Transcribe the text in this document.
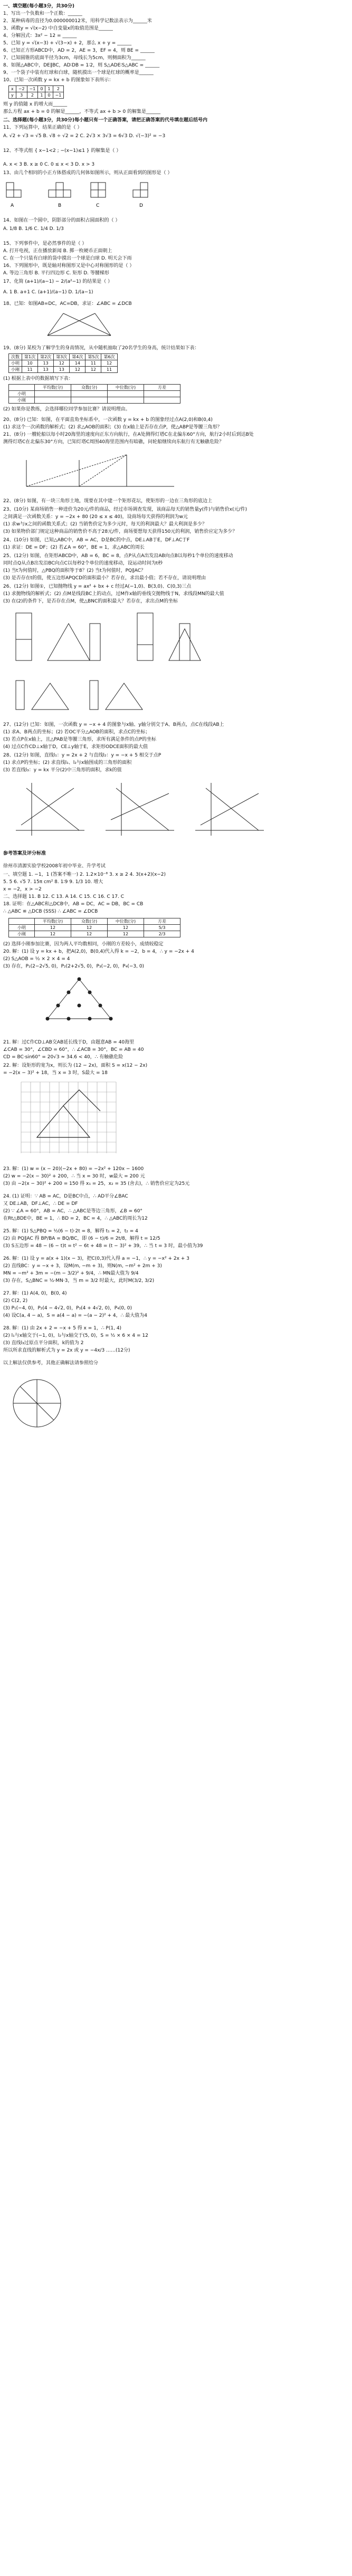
一、填空题(每小题3分，共30分)
1、写出一个负数和一个正数：______
2、某种病毒的直径为0.000000012米，用科学记数法表示为______米
3、函数y = √(x−2) 中自变量x的取值范围是______
4、分解因式：3x² − 12 = ______
5、已知 y = √(x−3) + √(3−x) + 2，那么 x + y = ______
6、已知正方形ABCD中，AD = 2，AE = 3，EF = 4，则 BE = ______
7、已知圆锥的底面半径为3cm，母线长为5cm，则侧面积为______
8、如图△ABC中，DE∥BC，AD∶DB = 1∶2，则 S△ADE∶S△ABC = ______
9、一个袋子中装有红球和白球，随机摸出一个球是红球的概率是______
10、已知一次函数 y = kx + b 的图象如下表所示：
x	−2	−1	0	1	2
y	3	2	1	0	−1
则 y 的值随 x 的增大而______
那么方程 ax + b = 0 的解是______，不等式 ax + b > 0 的解集是______
二、选择题(每小题3分，共30分)每小题只有一个正确答案，请把正确答案的代号填在题后括号内
11、下列运算中，结果正确的是（ ）
A. √2 + √3 = √5 B. √8 ÷ √2 = 2 C. 2√3 × 3√3 = 6√3 D. √(−3)² = −3
12、不等式组 { x−1<2 ; −(x−1)≤1 } 的解集是（ ）
A. x < 3 B. x ≥ 0 C. 0 ≤ x < 3 D. x > 3
13、由几个相同的小正方体搭成的几何体如图所示，则从正面看到的图形是（ ）
A	B	C	D
14、如图在一个圆中，阴影部分的面积占圆面积的（ ）
A. 1/8 B. 1/6 C. 1/4 D. 1/3
15、下列事件中，是必然事件的是（ ）
A. 打开电视，正在播放新闻 B. 掷一枚硬币正面朝上
C. 在一个只装有白球的袋中摸出一个球是白球 D. 明天会下雨
16、下列图形中，既是轴对称图形又是中心对称图形的是（ ）
A. 等边三角形 B. 平行四边形 C. 矩形 D. 等腰梯形
17、化简 (a+1)/(a−1) − 2/(a²−1) 的结果是（ ）
A. 1 B. a+1 C. (a+1)/(a−1) D. 1/(a−1)
18、已知：如图AB=DC，AC=DB，求证：∠ABC = ∠DCB
19、(8分) 某校为了解学生的身高情况，从中随机抽取了20名学生的身高，统计结果如下表：
次数	第1次	第2次	第3次	第4次	第5次	第6次
小明	10	13	12	14	11	12
小刚	11	13	13	12	12	11
(1) 根据上表中的数据填写下表：
	平均数(分)	众数(分)	中位数(分)	方差
小明				
小刚				
(2) 如果你是教练，会选择哪位同学参加比赛？请说明理由。
20、(8分) 已知：如图，在平面直角坐标系中，一次函数 y = kx + b 的图象经过点A(2,0)和B(0,4)
(1) 求这个一次函数的解析式；(2) 求△AOB的面积；(3) 在x轴上是否存在点P，使△ABP是等腰三角形？
21、(8分) 一艘轮船以每小时20海里的速度向正东方向航行，在A处测得灯塔C在北偏东60°方向，航行2小时后到达B处
测得灯塔C在北偏东30°方向，已知灯塔C周围40海里范围内有暗礁，问轮船继续向东航行有无触礁危险？
22、(8分) 如图，有一块三角形土地，现要在其中建一个矩形花坛，使矩形的一边在三角形的底边上
23、(10分) 某商场销售一种进价为20元/件的商品，经过市场调查发现，该商品每天的销售量y(件)与销售价x(元/件)
之间满足一次函数关系：y = −2x + 80 (20 ≤ x ≤ 40)，设商场每天获得的利润为w元
(1) 求w与x之间的函数关系式；(2) 当销售价定为多少元时，每天的利润最大？最大利润是多少？
(3) 如果物价部门规定这种商品的销售价不高于28元/件，商场要想每天获得150元的利润，销售价应定为多少？
24、(10分) 如图，已知△ABC中，AB = AC，D是BC的中点，DE⊥AB于E，DF⊥AC于F
(1) 求证：DE = DF；(2) 若∠A = 60°，BE = 1，求△ABC的周长
25、(12分) 如图，在矩形ABCD中，AB = 6，BC = 8，点P从点A出发沿AB向点B以每秒1个单位的速度移动
同时点Q从点B出发沿BC向点C以每秒2个单位的速度移动，设运动时间为t秒
(1) 当t为何值时，△PBQ的面积等于8？(2) 当t为何值时，PQ∥AC？
(3) 是否存在t的值，使五边形APQCD的面积最小？若存在，求出最小值；若不存在，请说明理由
26、(12分) 如图①，已知抛物线 y = ax² + bx + c 经过A(−1,0)、B(3,0)、C(0,3)三点
(1) 求抛物线的解析式；(2) 点M是线段BC上的动点，过M作x轴的垂线交抛物线于N，求线段MN的最大值
(3) 在(2)的条件下，是否存在点M，使△BNC的面积最大？若存在，求出点M的坐标
27、(12分) 已知：如图，一次函数 y = −x + 4 的图象与x轴、y轴分别交于A、B两点，点C在线段AB上
(1) 求A、B两点的坐标；(2) 若OC平分△AOB的面积，求点C的坐标；
(3) 若点P在x轴上，且△PAB是等腰三角形，求所有满足条件的点P的坐标
(4) 过点C作CD⊥x轴于D，CE⊥y轴于E，求矩形ODCE面积的最大值
28、(12分) 如图，直线l₁：y = 2x + 2 与直线l₂：y = −x + 5 相交于点P
(1) 求点P的坐标；(2) 求直线l₁、l₂与x轴围成的三角形的面积
(3) 若直线l₃：y = kx 平分(2)中三角形的面积，求k的值
参考答案及评分标准
徐州市清源实验学校2008年初中毕业、升学考试
一、填空题 1. −1，1 (答案不唯一) 2. 1.2×10⁻⁸ 3. x ≥ 2 4. 3(x+2)(x−2)
5. 5 6. √5 7. 15π cm² 8. 1∶9 9. 1/3 10. 增大
x = −2，x > −2
二、选择题 11. B 12. C 13. A 14. C 15. C 16. C 17. C
18. 证明：在△ABC和△DCB中，AB = DC，AC = DB，BC = CB
∴ △ABC ≌ △DCB (SSS) ∴ ∠ABC = ∠DCB
	平均数(分)	众数(分)	中位数(分)	方差
小明	12	12	12	5/3
小刚	12	12	12	2/3
(2) 选择小刚参加比赛，因为两人平均数相同，小刚的方差较小，成绩较稳定
20. 解：(1) 设 y = kx + b，把A(2,0)，B(0,4)代入得 k = −2，b = 4，∴ y = −2x + 4
(2) S△AOB = ½ × 2 × 4 = 4
(3) 存在，P₁(2−2√5, 0)，P₂(2+2√5, 0)，P₃(−2, 0)，P₄(−3, 0)
21. 解：过C作CD⊥AB交AB延长线于D，由题意AB = 40海里
∠CAB = 30°，∠CBD = 60°，∴ ∠ACB = 30°，BC = AB = 40
CD = BC·sin60° = 20√3 ≈ 34.6 < 40，∴ 有触礁危险
22. 解：设矩形的宽为x，则长为 (12 − 2x)，面积 S = x(12 − 2x)
= −2(x − 3)² + 18，当 x = 3 时，S最大 = 18
23. 解：(1) w = (x − 20)(−2x + 80) = −2x² + 120x − 1600
(2) w = −2(x − 30)² + 200，∴ 当 x = 30 时，w最大 = 200 元
(3) 由 −2(x − 30)² + 200 = 150 得 x₁ = 25，x₂ = 35 (舍去)，∴ 销售价应定为25元
24. (1) 证明：∵ AB = AC，D是BC中点，∴ AD平分∠BAC
又 DE⊥AB，DF⊥AC，∴ DE = DF
(2) ∵ ∠A = 60°，AB = AC，∴ △ABC是等边三角形，∠B = 60°
在Rt△BDE中，BE = 1，∴ BD = 2，BC = 4，∴ △ABC的周长为12
25. 解：(1) S△PBQ = ½(6 − t)·2t = 8，解得 t₁ = 2，t₂ = 4
(2) 由 PQ∥AC 得 BP/BA = BQ/BC，即 (6 − t)/6 = 2t/8，解得 t = 12/5
(3) S五边形 = 48 − (6 − t)t = t² − 6t + 48 = (t − 3)² + 39，∴ 当 t = 3 时，最小值为39
26. 解：(1) 设 y = a(x + 1)(x − 3)，把C(0,3)代入得 a = −1，∴ y = −x² + 2x + 3
(2) 直线BC：y = −x + 3，设M(m, −m + 3)，则N(m, −m² + 2m + 3)
MN = −m² + 3m = −(m − 3/2)² + 9/4，∴ MN最大值为 9/4
(3) 存在，S△BNC = ½·MN·3，当 m = 3/2 时最大，此时M(3/2, 3/2)
27. 解：(1) A(4, 0)，B(0, 4)
(2) C(2, 2)
(3) P₁(−4, 0)，P₂(4 − 4√2, 0)，P₃(4 + 4√2, 0)，P₄(0, 0)
(4) 设C(a, 4 − a)，S = a(4 − a) = −(a − 2)² + 4，∴ 最大值为4
28. 解：(1) 由 2x + 2 = −x + 5 得 x = 1，∴ P(1, 4)
(2) l₁与x轴交于(−1, 0)，l₂与x轴交于(5, 0)，S = ½ × 6 × 4 = 12
(3) 直线l₃过原点平分面积，k的值为 2
所以所求直线的解析式为 y = 2x 或 y = −4x/3 ……(12分)
以上解法仅供参考，其他正确解法请参照给分
